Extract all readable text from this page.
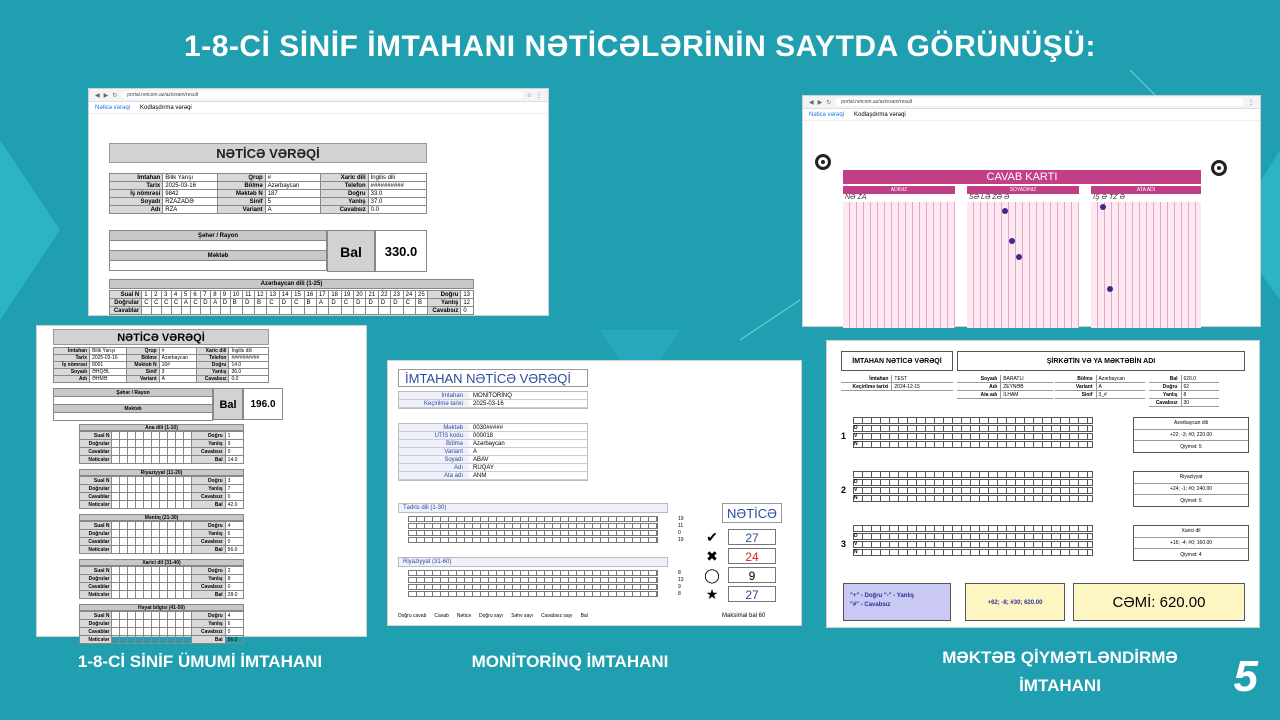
1-8-Cİ SİNİF İMTAHANI NƏTİCƏLƏRİNİN SAYTDA GÖRÜNÜŞÜ:
◀ ▶ ↻	portal.netcom.az/az/exam/result	☆ ⋮
Nəticə vərəqi Kodlaşdırma vərəqi
NƏTİCƏ VƏRƏQİ
İmtahan	Bilik Yarışı	Qrup	#	Xaric dili	İngilis dili
Tarix	2025-03-16	Bölmə	Azərbaycan	Telefon	##########
İş nömrəsi	9842	Məktəb N	187	Doğru	33.0
Soyadı	RZAZADƏ	Sinif	5	Yanlış	37.0
Adı	RZA	Variant	A	Cavabsız	0.0
Şəhər / Rayon

Məktəb	Bal	330.0
Azərbaycan dili (1-25)
Sual N	1	2	3	4	5	6	7	8	9	10	11	12	13	14	15	16	17	18	19	20	21	22	23	24	25	Doğru	13
Doğrular	C	C	C	C	A	C	D	A	D	B	D	B	C	D	C	B	A	D	C	D	D	D	D	C	B	Yanlış	12
Cavablar																										Cavabsız	0
◀ ▶ ↻	portal.netcom.az/az/exam/result	⋮
Nəticə vərəqi Kodlaşdırma vərəqi
CAVAB KARTI
ADINIZ	SOYADINIZ	ATA ADI
NƏ ZA	SƏ LƏ ZƏ Ə	İŞ Ə TZ Ə
NƏTİCƏ VƏRƏQİ
İmtahan	Bilik Yarışı	Qrup	#	Xaric dili	İngilis dili
Tarix	2025-03-16	Bölmə	Azərbaycan	Telefon	##########
İş nömrəsi	8001	Məktəb N	16#	Doğru	14.0
Soyadı	ƏHQƏL	Sinif	3	Yanlış	36.0
Adı	ƏHMƏ	Variant	A	Cavabsız	0.0
Şəhər / Rayon

Məktəb	Bal	196.0
Ana dili (1-10)
Sual N											Doğru	1
Doğrular											Yanlış	9
Cavablar											Cavabsız	0
Nəticələr											Bal	14.0
Riyaziyyat (11-20)
Sual N											Doğru	3
Doğrular											Yanlış	7
Cavablar											Cavabsız	0
Nəticələr											Bal	42.0
Məntiq (21-30)
Sual N											Doğru	4
Doğrular											Yanlış	6
Cavablar											Cavabsız	0
Nəticələr											Bal	56.0
Xarici dil (31-40)
Sual N											Doğru	2
Doğrular											Yanlış	8
Cavablar											Cavabsız	0
Nəticələr											Bal	28.0
Həyat bilgisi (41-50)
Sual N											Doğru	4
Doğrular											Yanlış	6
Cavablar											Cavabsız	0
Nəticələr											Bal	56.0
İMTAHAN NƏTİCƏ VƏRƏQİ
İmtahan	MONİTORİNQ
Keçirilmə tarixi	2025-03-16
Məktəb	0030#####
UTİS kodu	000018
Bölmə	Azərbaycan
Variant	A
Soyadı	ABAV
Adı	RUQAY
Ata adı	ANM
Tədris dili (1-30)
19
11
0
19
Riyaziyyat (31-60)
8
13
9
8
NƏTİCƏ
✔	27
✖	24
◯	9
★	27
Doğru cavab Cavab Nəticə Doğru sayı Səhv sayı Cavabsız sayı Bal	Maksimal bal 60
İMTAHAN NƏTİCƏ VƏRƏQİ	ŞİRKƏTİN VƏ YA MƏKTƏBİN ADI
İmtahan	TEST
Keçirilmə tarixi	2024-12-15
Soyadı	BARATLI
Adı	ZEYNƏB
Ata adı	İLHAM
Bölmə	Azərbaycan
Variant	A
Sinif	3_#
Bal	620.0
Doğru	62
Yanlış	8
Cavabsız	30
1
D
V
N
Azərbaycan dili
+22; -3; #0; 220.00
Qiymət: 5
2
D
V
N
Riyaziyyat
+24; -1; #0; 240.00
Qiymət: 5
3
D
V
N
Xarici dil
+16; -4; #0; 160.00
Qiymət: 4
"+" - Doğru "-" - Yanlış
"#" - Cavabsız	+62; -8; #30; 620.00	CƏMİ: 620.00
1-8-Cİ SİNİF ÜMUMİ İMTAHANI	MONİTORİNQ İMTAHANI	MƏKTƏB QİYMƏTLƏNDİRMƏ
İMTAHANI	5
